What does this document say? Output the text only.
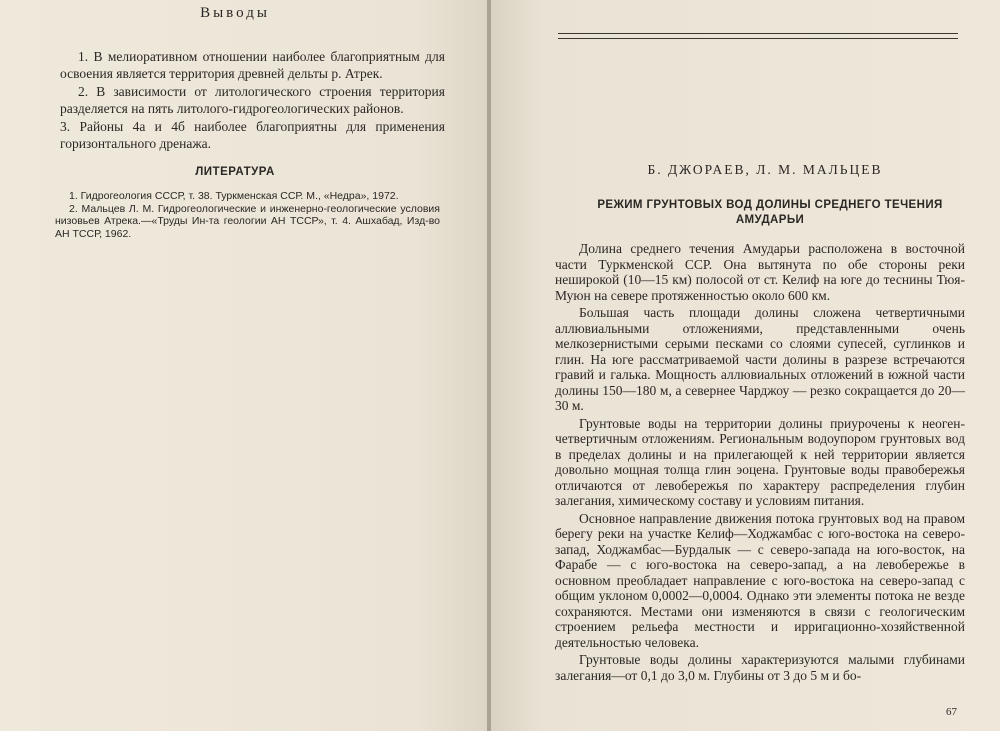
Выводы

1. В мелиоративном отношении наиболее благоприятным для освоения является территория древней дельты р. Атрек.

2. В зависимости от литологического строения территория разделяется на пять литолого-гидрогеологических районов.

3. Районы 4а и 4б наиболее благоприятны для применения горизонтального дренажа.

ЛИТЕРАТУРА

1. Гидрогеология СССР, т. 38. Туркменская ССР. М., «Недра», 1972.

2. Мальцев Л. М. Гидрогеологические и инженерно-геологические условия низовьев Атрека.—«Труды Ин-та геологии АН ТССР», т. 4. Ашхабад, Изд-во АН ТССР, 1962.

Б. ДЖОРАЕВ, Л. М. МАЛЬЦЕВ
РЕЖИМ ГРУНТОВЫХ ВОД ДОЛИНЫ СРЕДНЕГО ТЕЧЕНИЯ АМУДАРЬИ

Долина среднего течения Амударьи расположена в восточной части Туркменской ССР. Она вытянута по обе стороны реки неширокой (10—15 км) полосой от ст. Келиф на юге до теснины Тюя-Муюн на севере протяженностью около 600 км.

Большая часть площади долины сложена четвертичными аллювиальными отложениями, представленными очень мелкозернистыми серыми песками со слоями супесей, суглинков и глин. На юге рассматриваемой части долины в разрезе встречаются гравий и галька. Мощность аллювиальных отложений в южной части долины 150—180 м, а севернее Чарджоу — резко сокращается до 20—30 м.

Грунтовые воды на территории долины приурочены к неоген-четвертичным отложениям. Региональным водоупором грунтовых вод в пределах долины и на прилегающей к ней территории является довольно мощная толща глин эоцена. Грунтовые воды правобережья отличаются от левобережья по характеру распределения глубин залегания, химическому составу и условиям питания.

Основное направление движения потока грунтовых вод на правом берегу реки на участке Келиф—Ходжамбас с юго-востока на северо-запад, Ходжамбас—Бурдалык — с северо-запада на юго-восток, на Фарабе — с юго-востока на северо-запад, а на левобережье в основном преобладает направление с юго-востока на северо-запад с общим уклоном 0,0002—0,0004. Однако эти элементы потока не везде сохраняются. Местами они изменяются в связи с геологическим строением рельефа местности и ирригационно-хозяйственной деятельностью человека.

Грунтовые воды долины характеризуются малыми глубинами залегания—от 0,1 до 3,0 м. Глубины от 3 до 5 м и бо-

67
